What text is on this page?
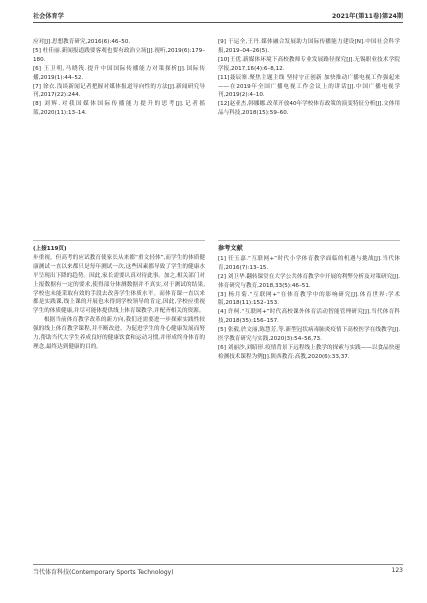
社会体育学	2021年(第11卷)第24期

应对[J].思想教育研究,2016(6):46–50.

[5] 杜佳丽.新闻报道践要客观也要有政治立场[J].视听,2019(6):179–180.

[6] 王卫明,马晓筏.提升中国国际传播能力对策探析[J].国际传播,2019(1):44–52.

[7] 徐衣.浅谈新闻记者把握对媒体报道导向性的方法[J].新闻研究导刊,2017(22):244.

[8] 刘辉.对我国媒体国际传播能力提升的思考[J].记者摇篮,2020(11):13–14.

[9] 于运全,王丹.媒体融合发展助力国际传播能力建设[N].中国社会科学报,2019–04–26(5).

[10]王优.新媒体环境下高校教师专业发展路径探究[J].无锡职业技术学院学报,2017,16(4):6–8,12.

[11]聂辰寨.聚焦主题主线 坚持守正创新 加快推动广播电视工作强起来——在2019年全国广播电视工作会议上的讲话[J].中国广播电视学刊,2019(2):4–10.

[12]赵亚杰,韩娜娜.改革开放40年学校体育政策的演变特征分析[J].文体用品与科技,2018(15):59–60.

(上接119页)

步重视。但高考的应试教育使家长从来都“重文轻体”,而学生的体质健康测试一直以来都只是每年测试一次,这些因素都导致了学生的健康水平呈现出下降的趋势。因此,家长需要认真对待此事。加之,相关部门对上报数据有一定的要求,使得部分体测数据并不真实,对于测试的结果,学校也未能采取有效的手段去改善学生体质水平。而体育课一直以来都是实践课,线上课的开展也未得到学校领导的肯定,因此,学校应重视学生的体质健康,并尽可能体提供线上体育课教学,并配齐相关的资源。

根据当前体育教学改革的新方向,我们还需要进一步探索实践性较强的线上体育教学课程,并不断改进。为促进学生的身心健康发展而努力,帮助当代大学生养成良好的健康饮食和运动习惯,并形成终身体育的理念,最终达到健康的目的。

参考文献

[1] 任玉嘉.“互联网+”时代小学体育教学面临的机遇与挑战[J].当代体育,2016(7):13–15.

[2] 刘卫华.翻转课堂在大学公共体育教学中开展的利弊分析及对策研究[J].体育研究与教育,2018,33(5):46–51.

[3] 杨月菊.“互联网+”在体育教学中的影响研究[J].体育世界:学术版,2018(11):152–153.

[4] 许柯.“互联网+”时代高校课外体育活动智能管理研究[J].当代体育科技,2018(35):156–157.

[5] 张毅,於文丽,陈慧芳,等.新型冠状病毒肺炎疫情下高校医学在线教学[J].医学教育研究与实践,2020(3):54–56,73.

[6] 刘丽沙,刘昭形.疫情背景下远程线上教学的探索与实践——以食品快速检测技术课程为例[J].陕西教育:高教,2020(6):33,37.

当代体育科技(Contemporary Sports Technology)	123
